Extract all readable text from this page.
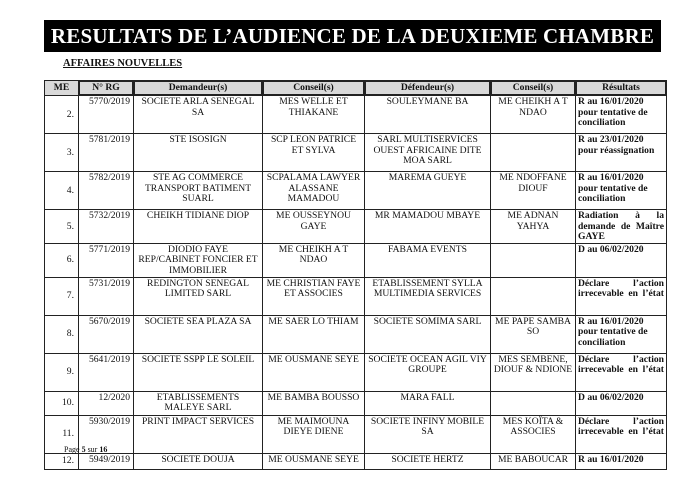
RESULTATS DE L’AUDIENCE DE LA DEUXIEME CHAMBRE
AFFAIRES NOUVELLES
ME	N° RG	Demandeur(s)	Conseil(s)	Défendeur(s)	Conseil(s)	Résultats
2.	5770/2019	SOCIETE ARLA SENEGAL SA	MES WELLE ET THIAKANE	SOULEYMANE BA	ME CHEIKH A T NDAO	R au 16/01/2020 pour tentative de conciliation
3.	5781/2019	STE ISOSIGN	SCP LEON PATRICE ET SYLVA	SARL MULTISERVICES OUEST AFRICAINE DITE MOA SARL		R au 23/01/2020 pour réassignation
4.	5782/2019	STE AG COMMERCE TRANSPORT BATIMENT SUARL	SCPALAMA LAWYER ALASSANE MAMADOU	MAREMA GUEYE	ME NDOFFANE DIOUF	R au 16/01/2020 pour tentative de conciliation
5.	5732/2019	CHEIKH TIDIANE DIOP	ME OUSSEYNOU GAYE	MR MAMADOU MBAYE	ME ADNAN YAHYA	Radiation à la demande de Maître GAYE
6.	5771/2019	DIODIO FAYE REP/CABINET FONCIER ET IMMOBILIER	ME CHEIKH A T NDAO	FABAMA EVENTS		D au 06/02/2020
7.	5731/2019	REDINGTON SENEGAL LIMITED SARL	ME CHRISTIAN FAYE ET ASSOCIES	ETABLISSEMENT SYLLA MULTIMEDIA SERVICES		Déclare l’action irrecevable en l’état
8.	5670/2019	SOCIETE SEA PLAZA SA	ME SAER LO THIAM	SOCIETE SOMIMA SARL	ME PAPE SAMBA SO	R au 16/01/2020 pour tentative de conciliation
9.	5641/2019	SOCIETE SSPP LE SOLEIL	ME OUSMANE SEYE	SOCIETE OCEAN AGIL VIY GROUPE	MES SEMBENE, DIOUF & NDIONE	Déclare l’action irrecevable en l’état
10.	12/2020	ETABLISSEMENTS MALEYE SARL	ME BAMBA BOUSSO	MARA FALL		D au 06/02/2020
11.	5930/2019	PRINT IMPACT SERVICES	ME MAIMOUNA DIEYE DIENE	SOCIETE INFINY MOBILE SA	MES KOÏTA & ASSOCIES	Déclare l’action irrecevable en l’état
12.	5949/2019	SOCIETE DOUJA	ME OUSMANE SEYE	SOCIETE HERTZ	ME BABOUCAR	R au 16/01/2020
Page 5 sur 16
